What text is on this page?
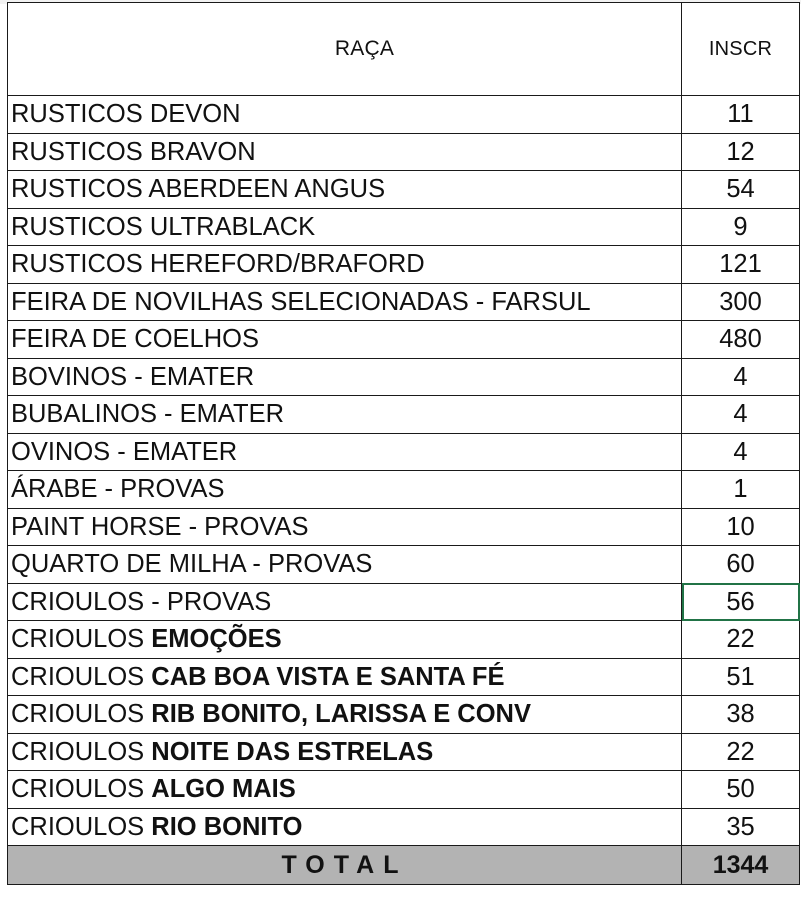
RAÇA	INSCR
RUSTICOS DEVON	11
RUSTICOS BRAVON	12
RUSTICOS ABERDEEN ANGUS	54
RUSTICOS ULTRABLACK	9
RUSTICOS HEREFORD/BRAFORD	121
FEIRA DE NOVILHAS SELECIONADAS - FARSUL	300
FEIRA DE COELHOS	480
BOVINOS - EMATER	4
BUBALINOS - EMATER	4
OVINOS - EMATER	4
ÁRABE - PROVAS	1
PAINT HORSE - PROVAS	10
QUARTO DE MILHA - PROVAS	60
CRIOULOS - PROVAS	56
CRIOULOS EMOÇÕES	22
CRIOULOS CAB BOA VISTA E SANTA FÉ	51
CRIOULOS RIB BONITO, LARISSA E CONV	38
CRIOULOS NOITE DAS ESTRELAS	22
CRIOULOS ALGO MAIS	50
CRIOULOS RIO BONITO	35
TOTAL	1344
